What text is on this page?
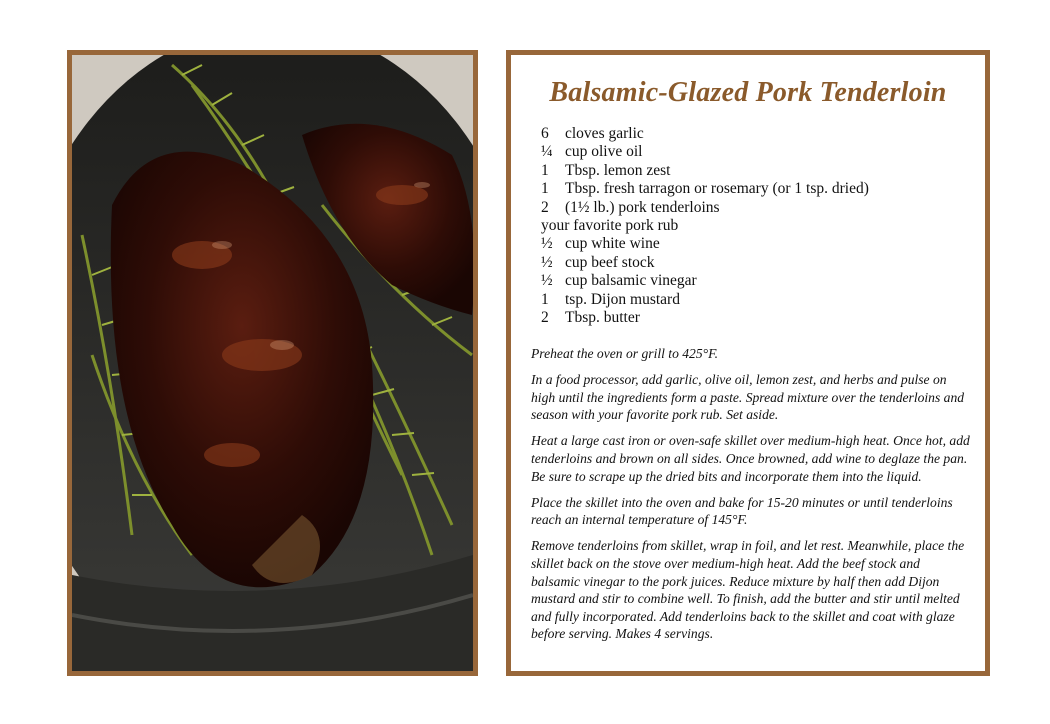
Balsamic-Glazed Pork Tenderloin
6 cloves garlic
¼ cup olive oil
1 Tbsp. lemon zest
1 Tbsp. fresh tarragon or rosemary (or 1 tsp. dried)
2 (1½ lb.) pork tenderloins
your favorite pork rub
½ cup white wine
½ cup beef stock
½ cup balsamic vinegar
1 tsp. Dijon mustard
2 Tbsp. butter

Preheat the oven or grill to 425°F.

In a food processor, add garlic, olive oil, lemon zest, and herbs and pulse on high until the ingredients form a paste. Spread mixture over the tenderloins and season with your favorite pork rub. Set aside.

Heat a large cast iron or oven-safe skillet over medium-high heat. Once hot, add tenderloins and brown on all sides. Once browned, add wine to deglaze the pan. Be sure to scrape up the dried bits and incorporate them into the liquid.

Place the skillet into the oven and bake for 15-20 minutes or until tenderloins reach an internal temperature of 145°F.

Remove tenderloins from skillet, wrap in foil, and let rest. Meanwhile, place the skillet back on the stove over medium-high heat. Add the beef stock and balsamic vinegar to the pork juices. Reduce mixture by half then add Dijon mustard and stir to combine well. To finish, add the butter and stir until melted and fully incorporated. Add tenderloins back to the skillet and coat with glaze before serving. Makes 4 servings.
